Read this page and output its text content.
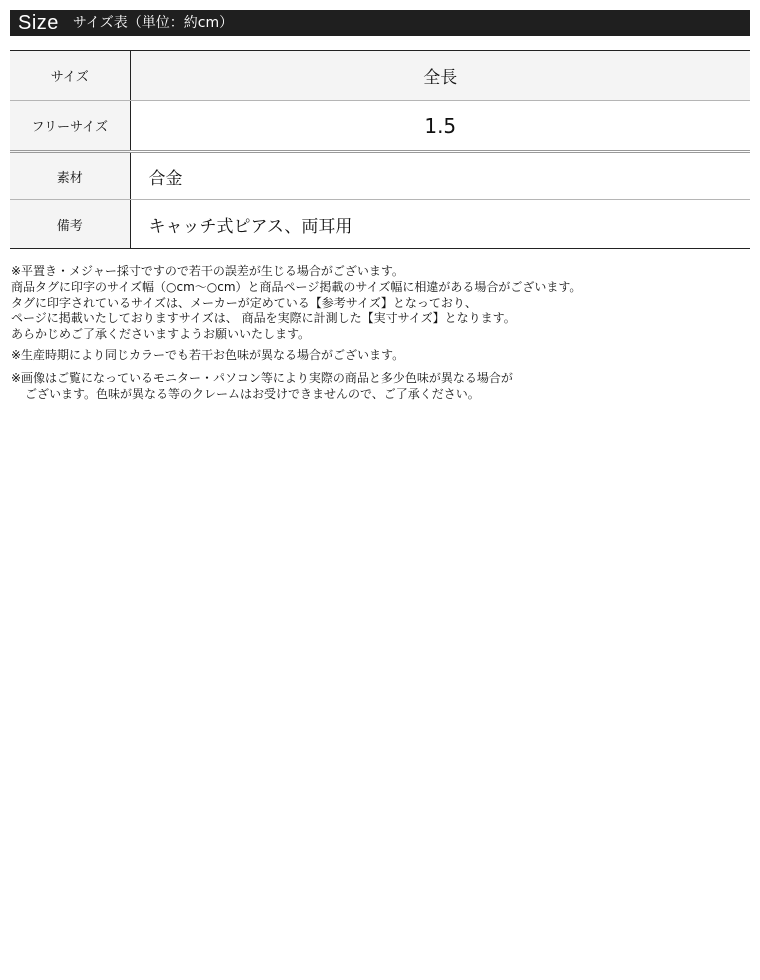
Size サイズ表（単位：約cm）
サイズ	全長
フリーサイズ	1.5
素材	合金
備考	キャッチ式ピアス、両耳用

※平置き・メジャー採寸ですので若干の誤差が生じる場合がございます。

商品タグに印字のサイズ幅（○cm〜○cm）と商品ページ掲載のサイズ幅に相違がある場合がございます。

タグに印字されているサイズは、メーカーが定めている【参考サイズ】となっており、

ページに掲載いたしておりますサイズは、 商品を実際に計測した【実寸サイズ】となります。

あらかじめご了承くださいますようお願いいたします。

※生産時期により同じカラーでも若干お色味が異なる場合がございます。

※画像はご覧になっているモニター・パソコン等により実際の商品と多少色味が異なる場合が

ございます。色味が異なる等のクレームはお受けできませんので、ご了承ください。
